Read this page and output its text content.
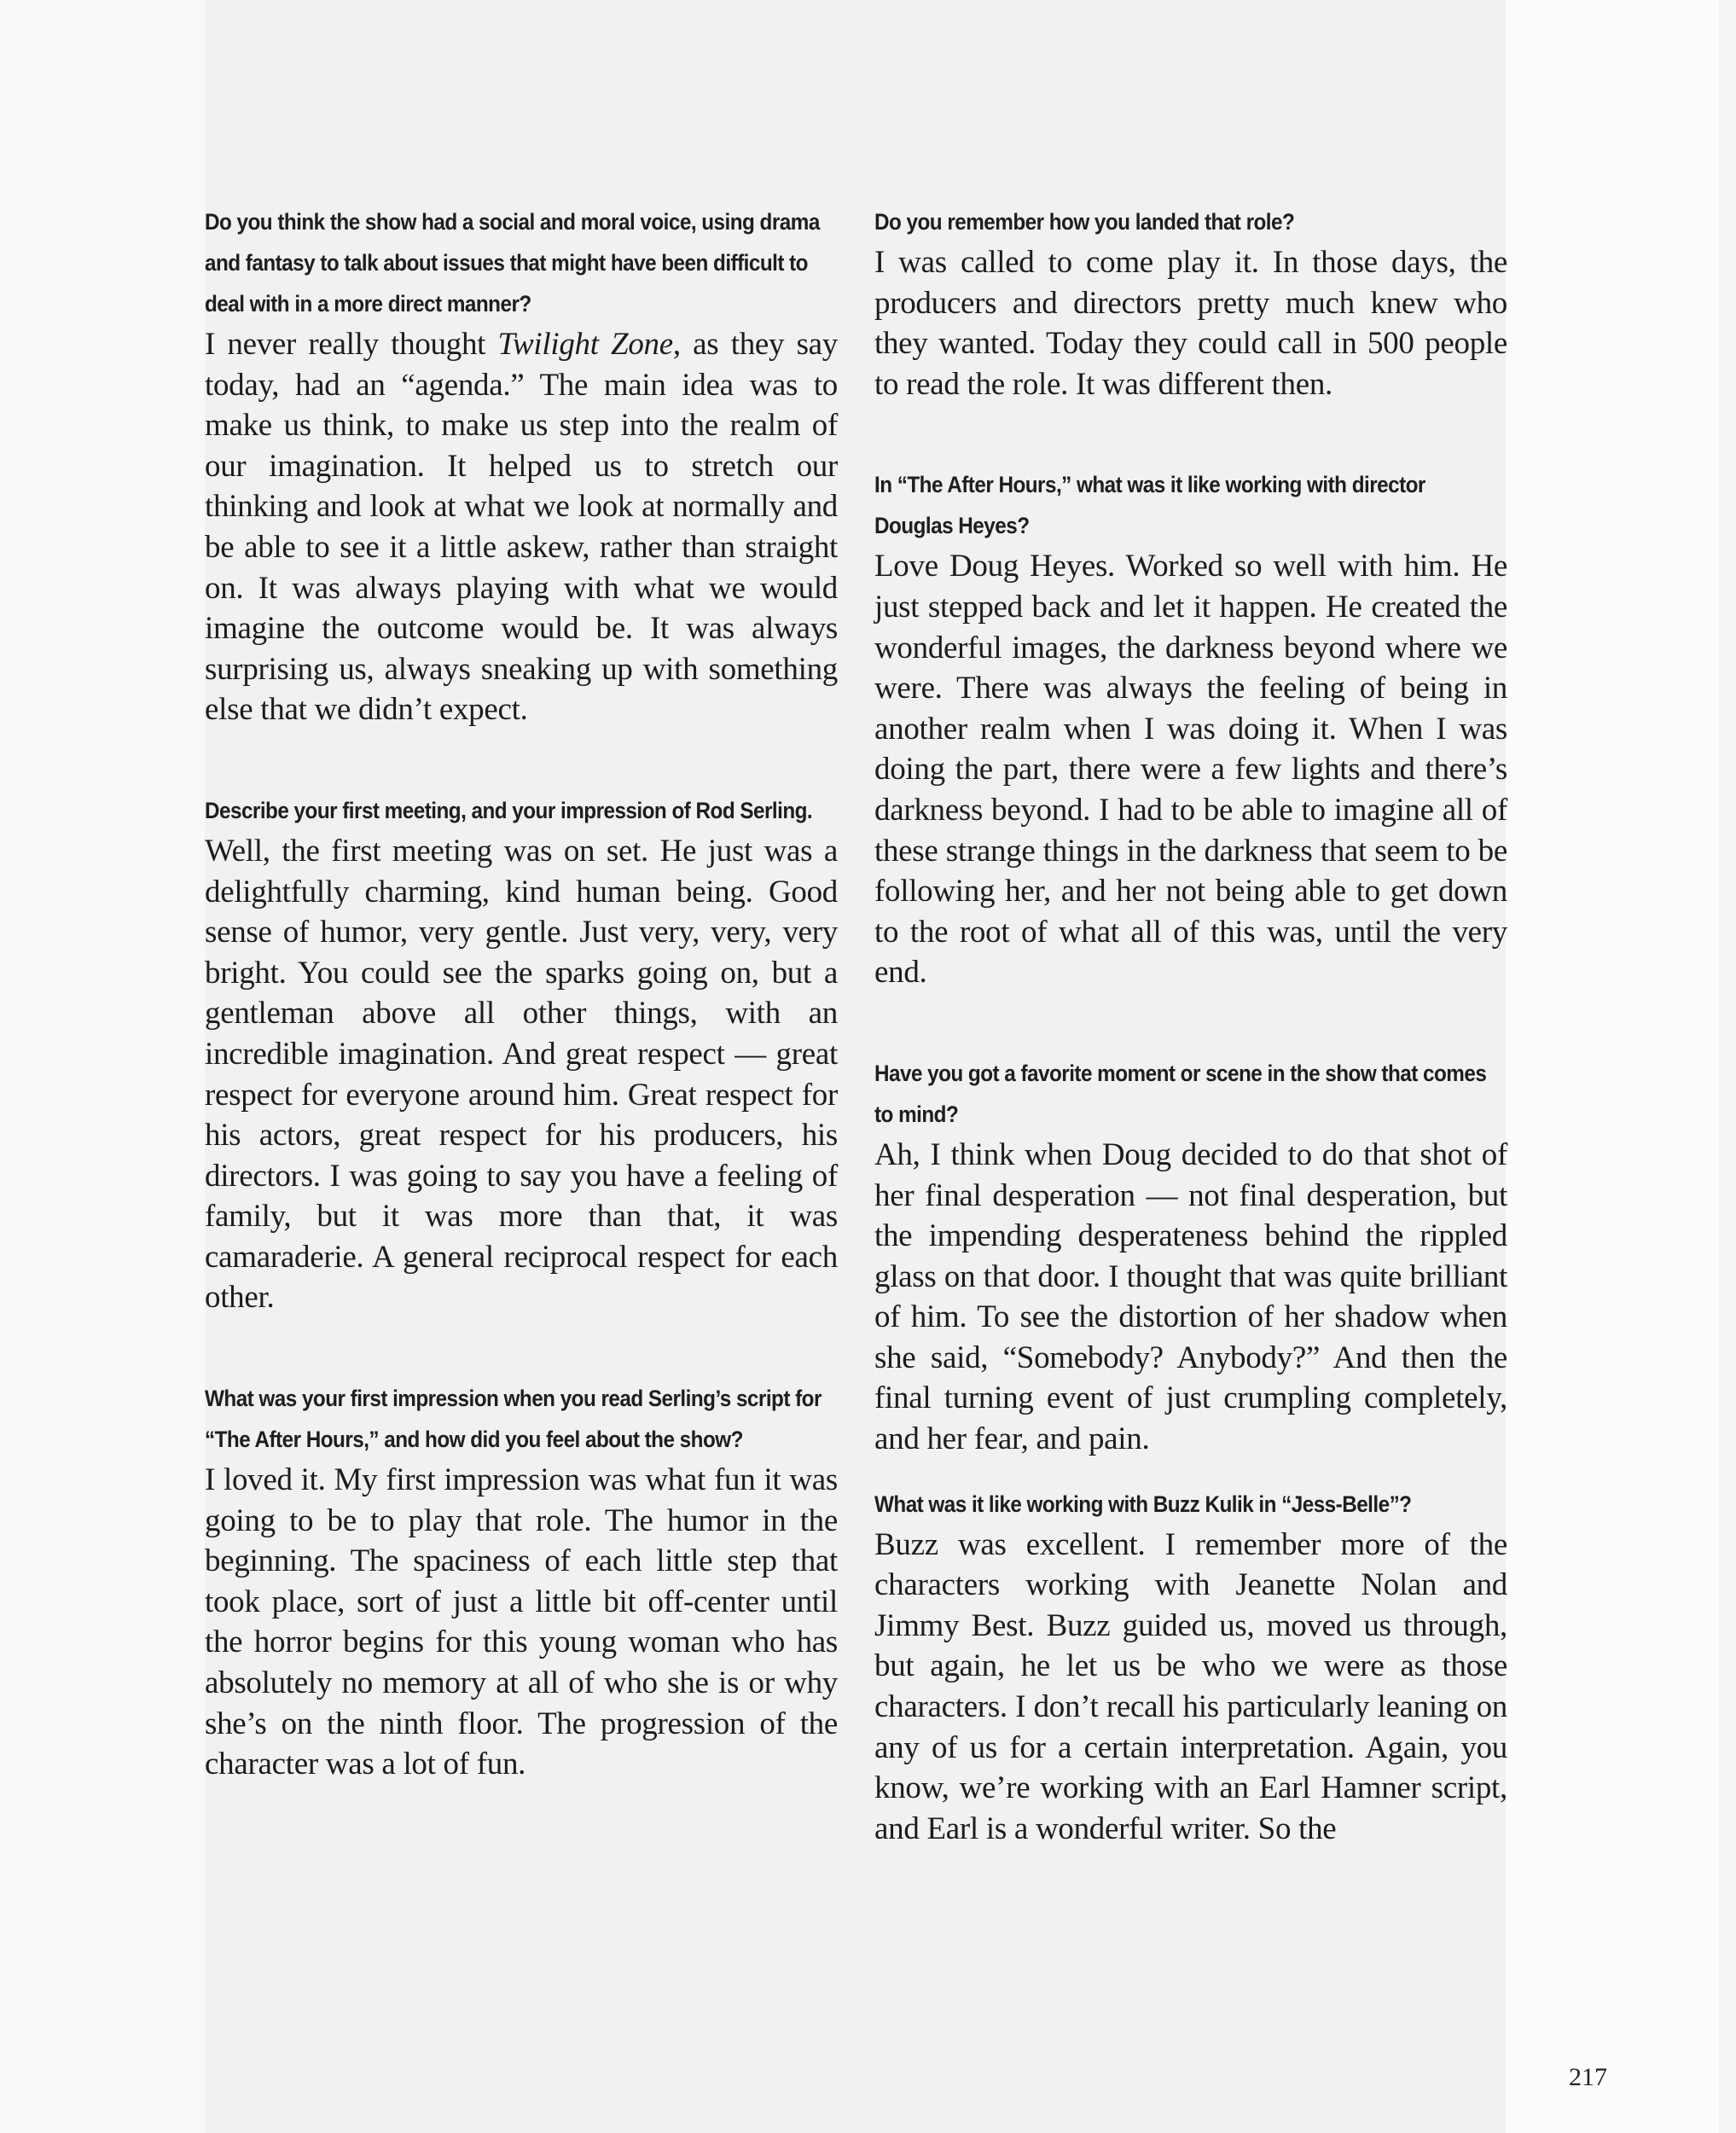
Do you think the show had a social and moral voice, using drama and fantasy to talk about issues that might have been difficult to deal with in a more direct manner?

I never really thought Twilight Zone, as they say today, had an “agenda.” The main idea was to make us think, to make us step into the realm of our imagination. It helped us to stretch our thinking and look at what we look at normally and be able to see it a little askew, rather than straight on. It was always playing with what we would imagine the outcome would be. It was always surprising us, always sneaking up with something else that we didn’t expect.

Describe your first meeting, and your impression of Rod Serling.

Well, the first meeting was on set. He just was a delightfully charming, kind human being. Good sense of humor, very gentle. Just very, very, very bright. You could see the sparks going on, but a gentleman above all other things, with an incredible imagination. And great respect — great respect for everyone around him. Great respect for his actors, great respect for his producers, his directors. I was going to say you have a feeling of family, but it was more than that, it was camaraderie. A general reciprocal respect for each other.

What was your first impression when you read Serling’s script for “The After Hours,” and how did you feel about the show?

I loved it. My first impression was what fun it was going to be to play that role. The humor in the beginning. The spaciness of each little step that took place, sort of just a little bit off-center until the horror begins for this young woman who has absolutely no memory at all of who she is or why she’s on the ninth floor. The progression of the character was a lot of fun.

Do you remember how you landed that role?

I was called to come play it. In those days, the producers and directors pretty much knew who they wanted. Today they could call in 500 people to read the role. It was different then.

In “The After Hours,” what was it like working with director Douglas Heyes?

Love Doug Heyes. Worked so well with him. He just stepped back and let it happen. He created the wonderful images, the darkness beyond where we were. There was always the feeling of being in another realm when I was doing it. When I was doing the part, there were a few lights and there’s darkness beyond. I had to be able to imagine all of these strange things in the darkness that seem to be following her, and her not being able to get down to the root of what all of this was, until the very end.

Have you got a favorite moment or scene in the show that comes to mind?

Ah, I think when Doug decided to do that shot of her final desperation — not final desperation, but the impending desperateness behind the rippled glass on that door. I thought that was quite brilliant of him. To see the distortion of her shadow when she said, “Somebody? Anybody?” And then the final turning event of just crumpling completely, and her fear, and pain.

What was it like working with Buzz Kulik in “Jess-Belle”?

Buzz was excellent. I remember more of the characters working with Jeanette Nolan and Jimmy Best. Buzz guided us, moved us through, but again, he let us be who we were as those characters. I don’t recall his particularly leaning on any of us for a certain interpretation. Again, you know, we’re working with an Earl Hamner script, and Earl is a wonderful writer. So the

217
